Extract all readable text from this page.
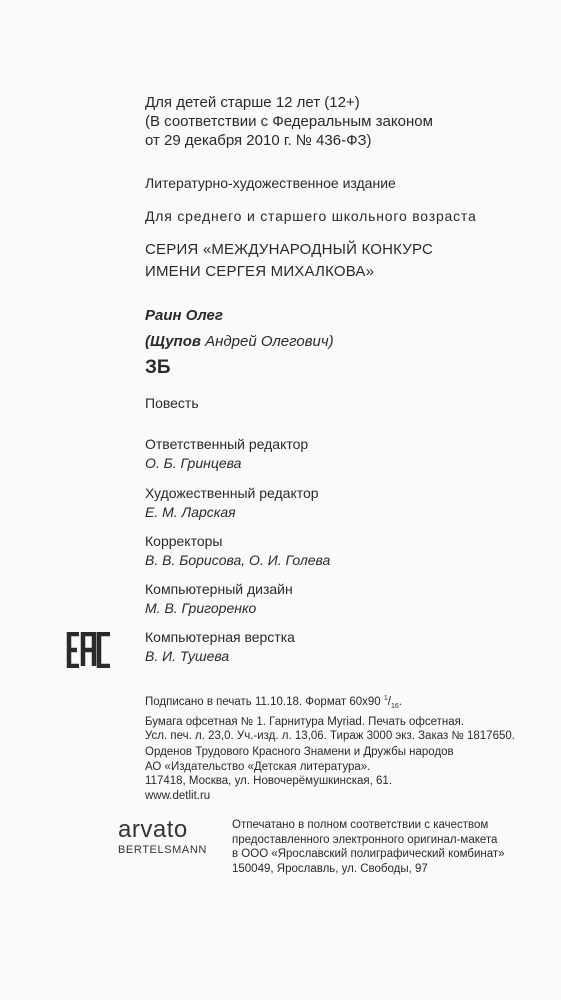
Для детей старше 12 лет (12+)
(В соответствии с Федеральным законом
от 29 декабря 2010 г. № 436-ФЗ)
Литературно-художественное издание
Для среднего и старшего школьного возраста
СЕРИЯ «МЕЖДУНАРОДНЫЙ КОНКУРС
ИМЕНИ СЕРГЕЯ МИХАЛКОВА»
Раин Олег
(Щупов Андрей Олегович)
ЗБ
Повесть
Ответственный редактор
О. Б. Гринцева
Художественный редактор
Е. М. Ларская
Корректоры
В. В. Борисова, О. И. Голева
Компьютерный дизайн
М. В. Григоренко
Компьютерная верстка
В. И. Тушева
Подписано в печать 11.10.18. Формат 60х90 $^1/_{16}$.
Бумага офсетная № 1. Гарнитура Myriad. Печать офсетная.
Усл. печ. л. 23,0. Уч.-изд. л. 13,06. Тираж 3000 экз. Заказ № 1817650.
Орденов Трудового Красного Знамени и Дружбы народов
АО «Издательство «Детская литература».
117418, Москва, ул. Новочерёмушкинская, 61.
www.detlit.ru
arvato
BERTELSMANN
Отпечатано в полном соответствии с качеством
предоставленного электронного оригинал-макета
в ООО «Ярославский полиграфический комбинат»
150049, Ярославль, ул. Свободы, 97
